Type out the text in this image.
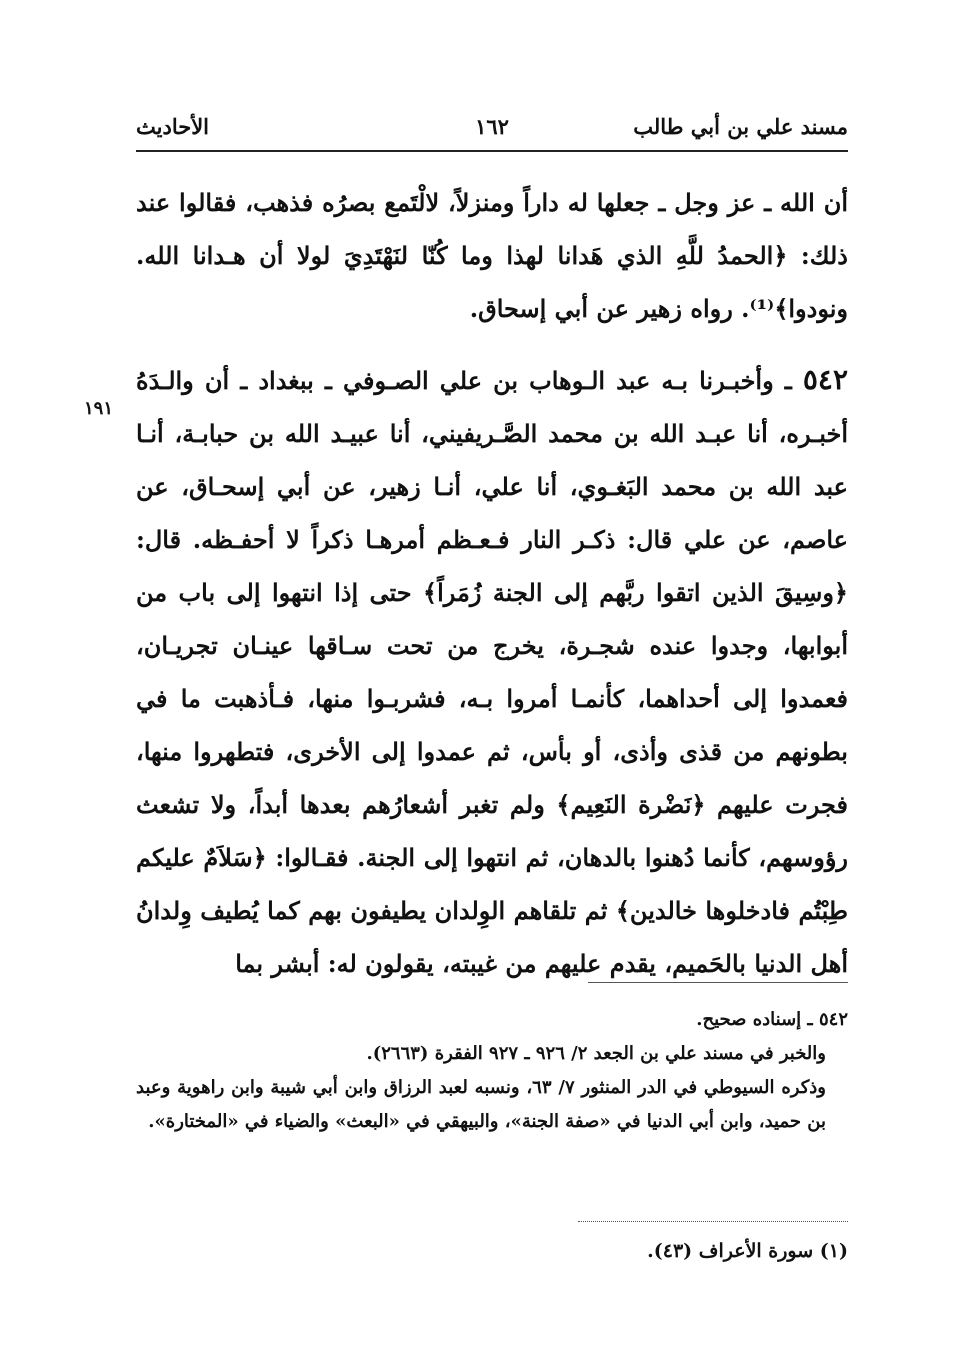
مسند علي بن أبي طالب
١٦٢
الأحاديث

أن الله ـ عز وجل ـ جعلها له داراً ومنزلاً، لالْتَمع بصرُه فذهب، فقالوا عند ذلك: ﴿الحمدُ للَّهِ الذي هَدانا لهذا وما كُنّا لنَهْتَدِيَ لولا أن هـدانا الله. ونودوا﴾⁽¹⁾. رواه زهير عن أبي إسحاق.

٥٤٢ ـ وأخبـرنا بـه عبد الـوهاب بن علي الصـوفي ـ ببغداد ـ أن والـدَهُ أخبـره، أنا عبـد الله بن محمد الصَّـريفيني، أنا عبيـد الله بن حبابـة، أنـا عبد الله بن محمد البَغـوي، أنا علي، أنـا زهير، عن أبي إسحـاق، عن عاصم، عن علي قال: ذكـر النار فـعـظم أمرهـا ذكراً لا أحفـظه. قال: ﴿وسِيقَ الذين اتقوا ربَّهم إلى الجنة زُمَراً﴾ حتى إذا انتهوا إلى باب من أبوابها، وجدوا عنده شجـرة، يخرج من تحت سـاقها عينـان تجريـان، فعمدوا إلى أحداهما، كأنمـا أمروا بـه، فشربـوا منها، فـأذهبت ما في بطونهم من قذى وأذى، أو بأس، ثم عمدوا إلى الأخرى، فتطهروا منها، فجرت عليهم ﴿نَضْرة النَعِيم﴾ ولم تغبر أشعارُهم بعدها أبداً، ولا تشعث رؤوسهم، كأنما دُهنوا بالدهان، ثم انتهوا إلى الجنة. فقـالوا: ﴿سَلاَمٌ عليكم طِبْتُم فادخلوها خالدين﴾ ثم تلقاهم الوِلدان يطيفون بهم كما يُطيف وِلدانُ أهل الدنيا بالحَميم، يقدم عليهم من غيبته، يقولون له: أبشر بما

١٩١

٥٤٢ ـ إسناده صحيح.

والخبر في مسند علي بن الجعد ٢/ ٩٢٦ ـ ٩٢٧ الفقرة (٢٦٦٣).

وذكره السيوطي في الدر المنثور ٧/ ٦٣، ونسبه لعبد الرزاق وابن أبي شيبة وابن راهوية وعبد بن حميد، وابن أبي الدنيا في «صفة الجنة»، والبيهقي في «البعث» والضياء في «المختارة».

(١) سورة الأعراف (٤٣).
